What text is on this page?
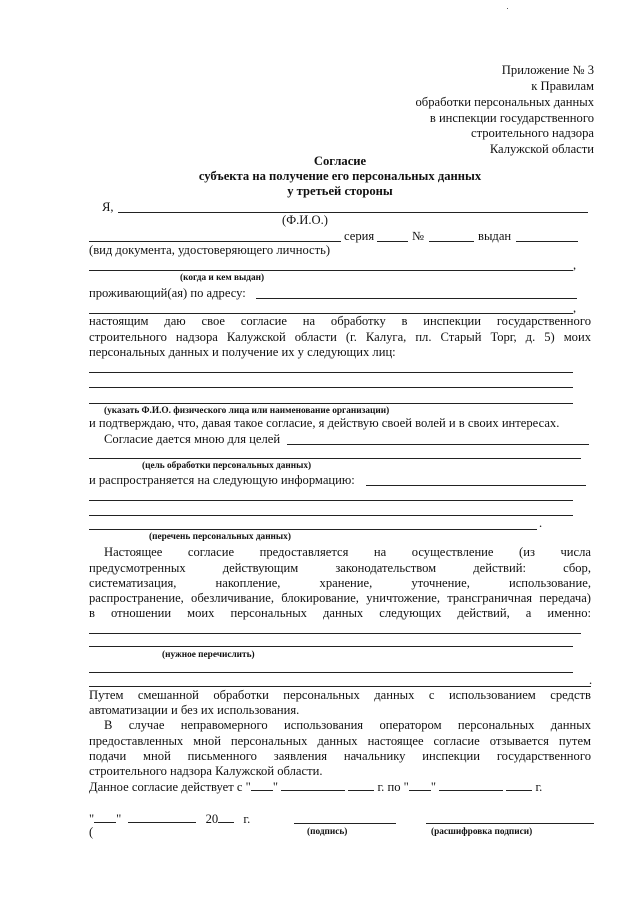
Приложение № 3
к Правилам
обработки персональных данных
в инспекции государственного
строительного надзора
Калужской области
Согласие
субъекта на получение его персональных данных
у третьей стороны
Я,
(Ф.И.О.)
серия	№	выдан
(вид документа, удостоверяющего личность)
,
(когда и кем выдан)
проживающий(ая) по адресу:
,
настоящим даю свое согласие на обработку в инспекции государственного
строительного надзора Калужской области (г. Калуга, пл. Старый Торг, д. 5) моих
персональных данных и получение их у следующих лиц:
(указать Ф.И.О. физического лица или наименование организации)
и подтверждаю, что, давая такое согласие, я действую своей волей и в своих интересах.
Согласие дается мною для целей
(цель обработки персональных данных)
и распространяется на следующую информацию:
.
(перечень персональных данных)
Настоящее согласие предоставляется на осуществление (из числа
предусмотренных действующим законодательством действий: сбор,
систематизация, накопление, хранение, уточнение, использование,
распространение, обезличивание, блокирование, уничтожение, трансграничная передача)
в отношении моих персональных данных следующих действий, а именно:
(нужное перечислить)
.
Путем смешанной обработки персональных данных с использованием средств
автоматизации и без их использования.
В случае неправомерного использования оператором персональных данных
предоставленных мной персональных данных настоящее согласие отзывается путем
подачи мной письменного заявления начальнику инспекции государственного
строительного надзора Калужской области.
Данное согласие действует с " "	г. по " "	г.
" "	20 г.
(	(подпись)	(расшифровка подписи)
